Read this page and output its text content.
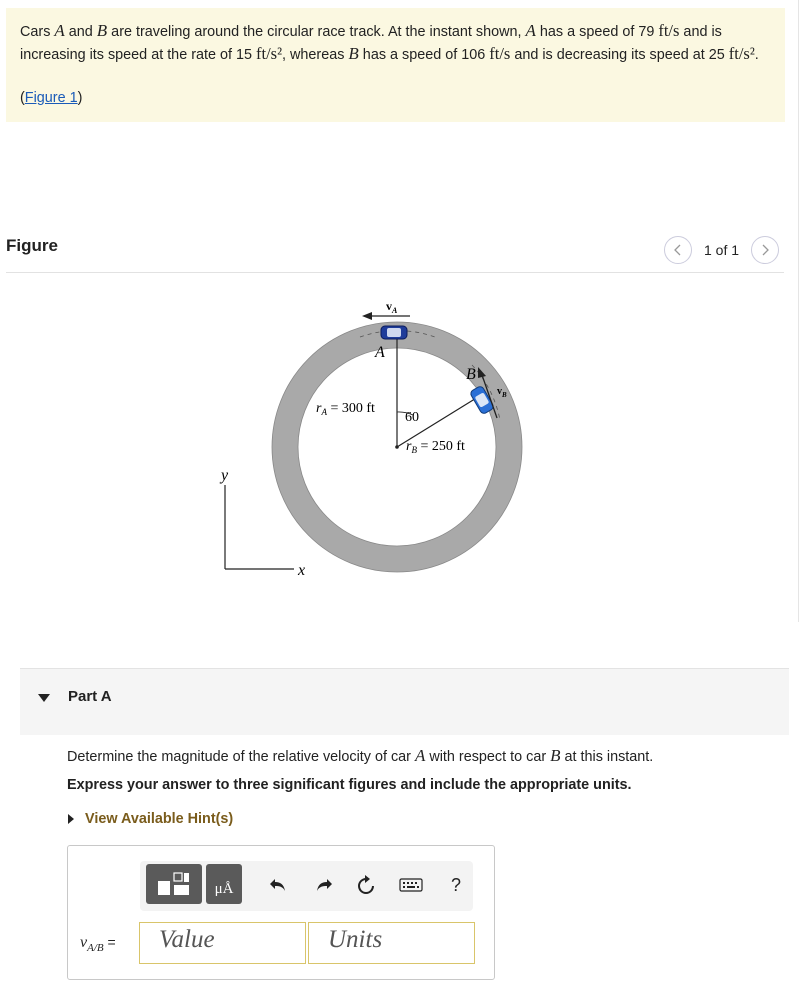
Cars A and B are traveling around the circular race track. At the instant shown, A has a speed of 79 ft/s and is increasing its speed at the rate of 15 ft/s², whereas B has a speed of 106 ft/s and is decreasing its speed at 25 ft/s².
(Figure 1)
Figure	1 of 1
$v_A$
A
B
$v_B$
$r_A = 300$ ft
60
$r_B = 250$ ft
y
x
Part A
Determine the magnitude of the relative velocity of car A with respect to car B at this instant.
Express your answer to three significant figures and include the appropriate units.
View Available Hint(s)
μÅ	?
$v_{A/B}$ =	Value	Units
